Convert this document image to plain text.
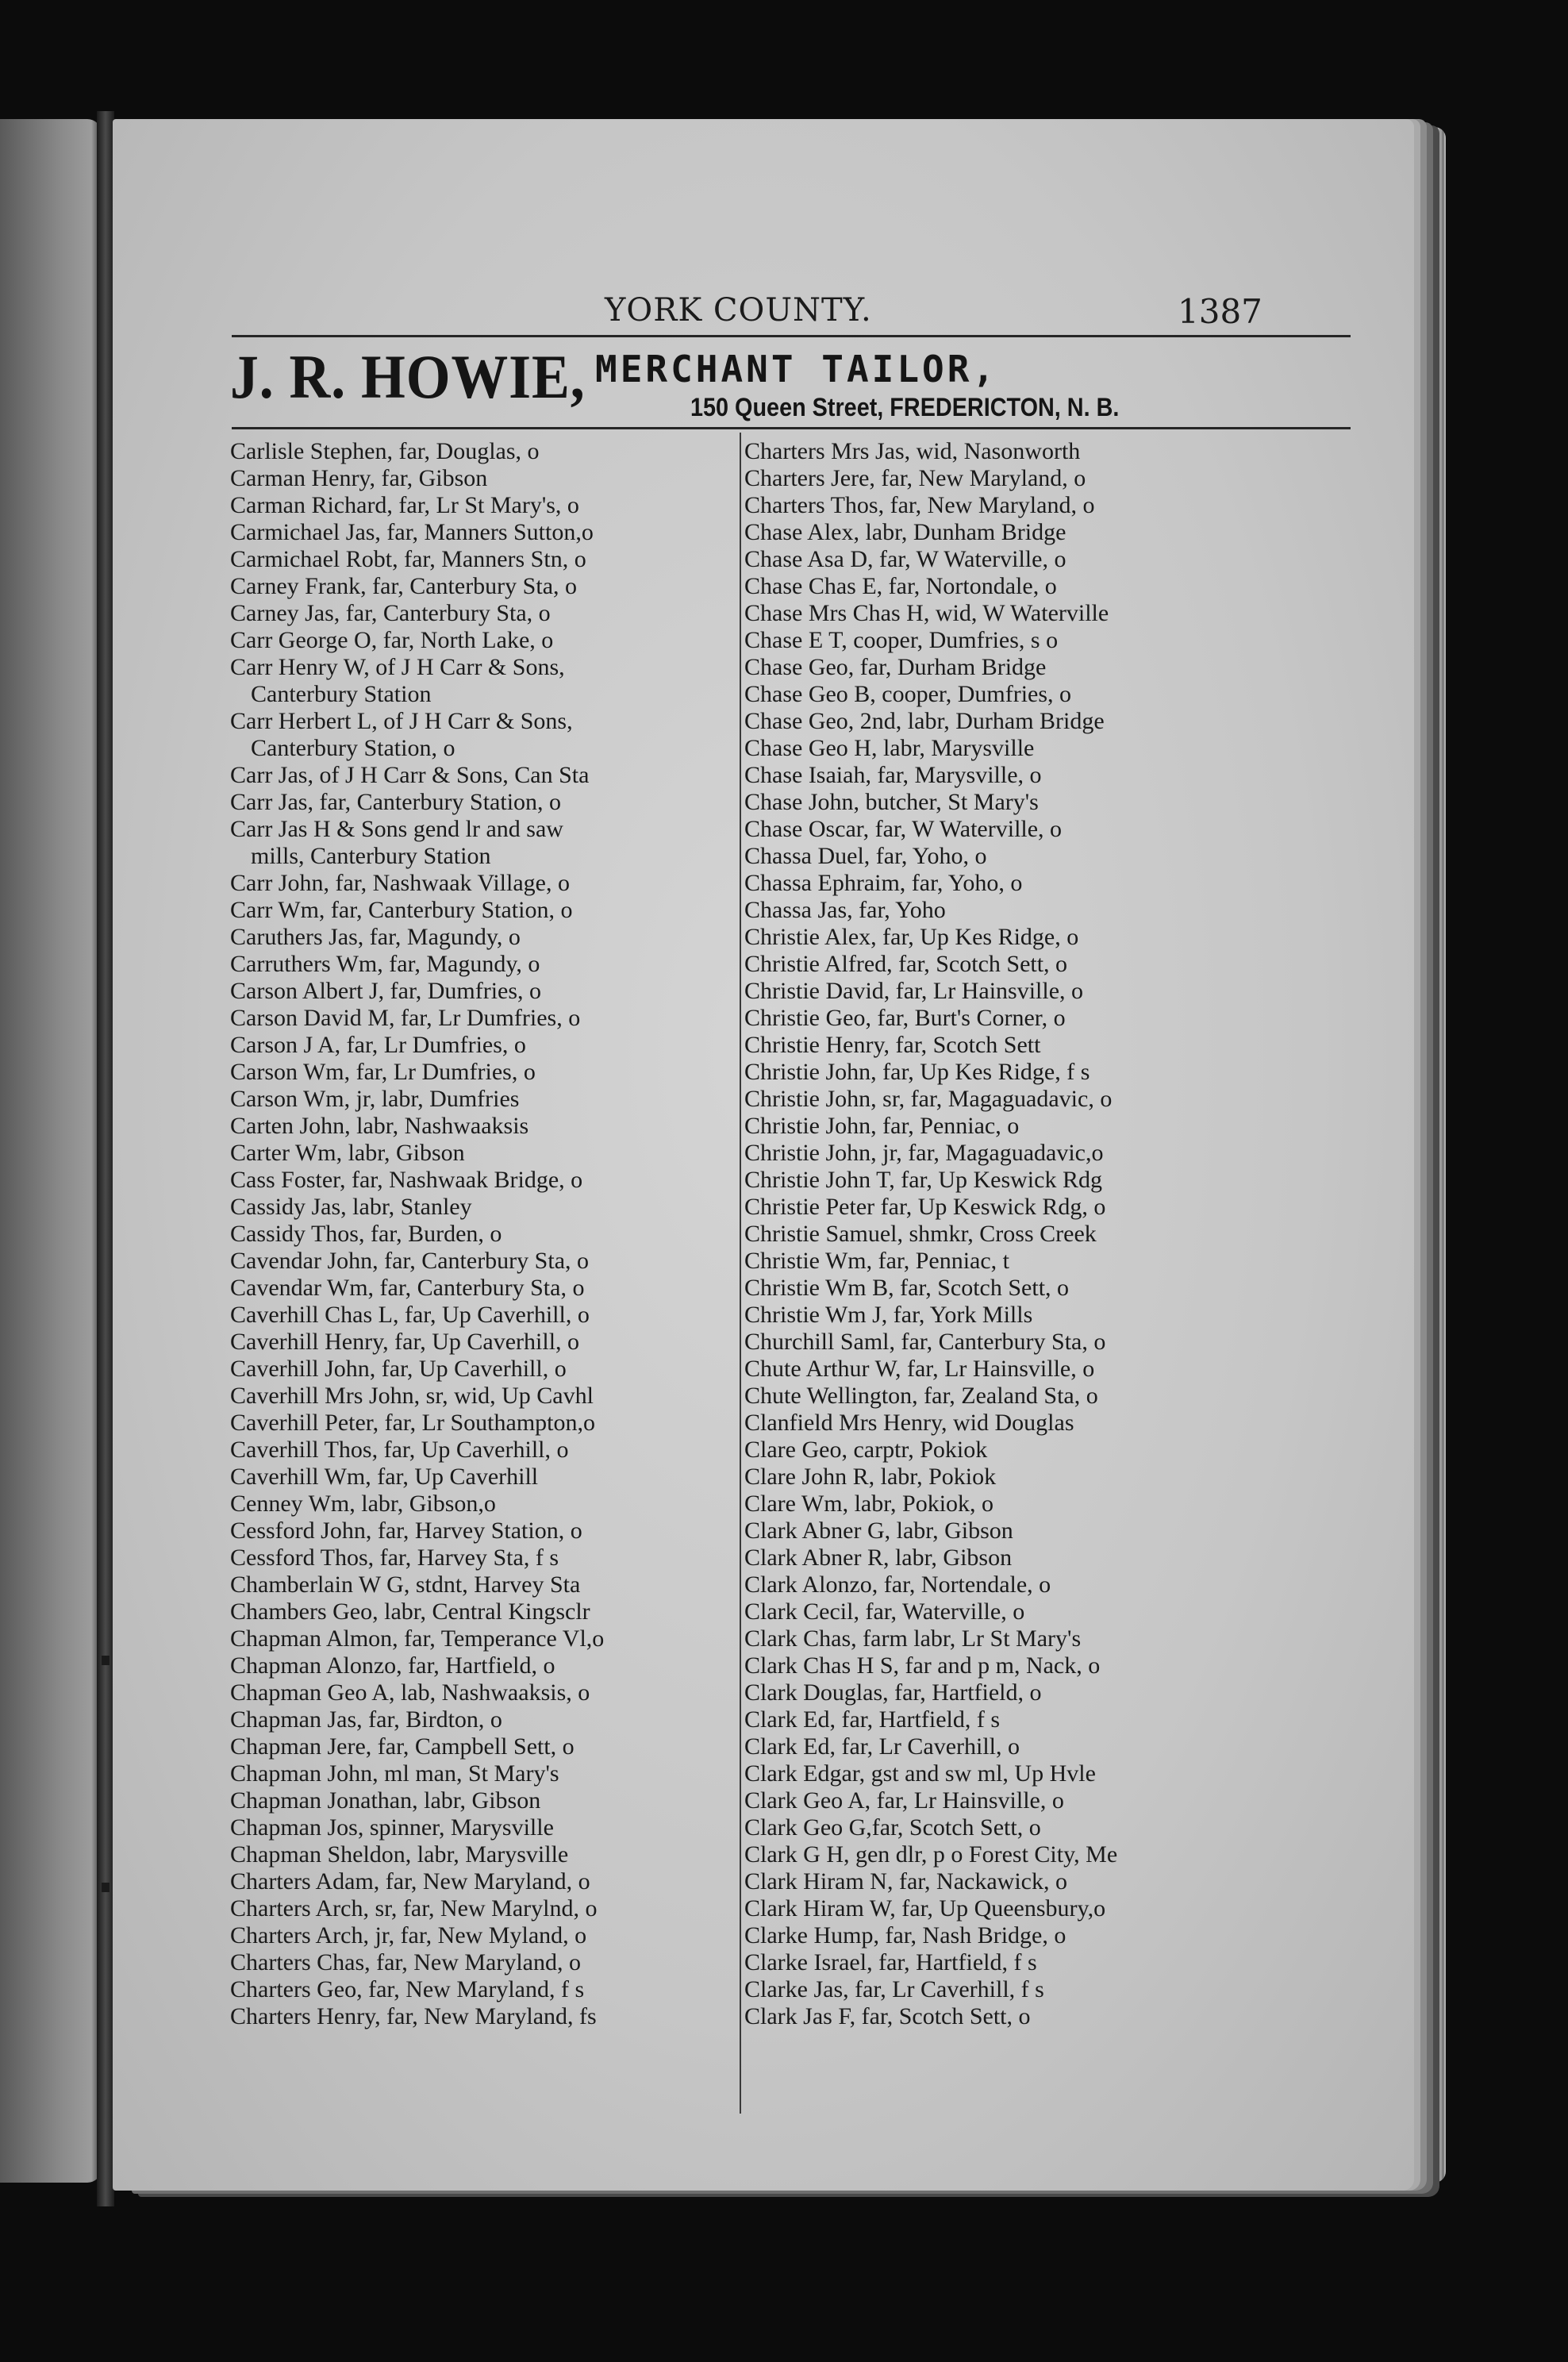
YORK COUNTY.	1387
J. R. HOWIE, MERCHANT TAILOR,
150 Queen Street, FREDERICTON, N. B.
Carlisle Stephen, far, Douglas, o
Carman Henry, far, Gibson
Carman Richard, far, Lr St Mary's, o
Carmichael Jas, far, Manners Sutton,o
Carmichael Robt, far, Manners Stn, o
Carney Frank, far, Canterbury Sta, o
Carney Jas, far, Canterbury Sta, o
Carr George O, far, North Lake, o
Carr Henry W, of J H Carr & Sons,
Canterbury Station
Carr Herbert L, of J H Carr & Sons,
Canterbury Station, o
Carr Jas, of J H Carr & Sons, Can Sta
Carr Jas, far, Canterbury Station, o
Carr Jas H & Sons gend lr and saw
mills, Canterbury Station
Carr John, far, Nashwaak Village, o
Carr Wm, far, Canterbury Station, o
Caruthers Jas, far, Magundy, o
Carruthers Wm, far, Magundy, o
Carson Albert J, far, Dumfries, o
Carson David M, far, Lr Dumfries, o
Carson J A, far, Lr Dumfries, o
Carson Wm, far, Lr Dumfries, o
Carson Wm, jr, labr, Dumfries
Carten John, labr, Nashwaaksis
Carter Wm, labr, Gibson
Cass Foster, far, Nashwaak Bridge, o
Cassidy Jas, labr, Stanley
Cassidy Thos, far, Burden, o
Cavendar John, far, Canterbury Sta, o
Cavendar Wm, far, Canterbury Sta, o
Caverhill Chas L, far, Up Caverhill, o
Caverhill Henry, far, Up Caverhill, o
Caverhill John, far, Up Caverhill, o
Caverhill Mrs John, sr, wid, Up Cavhl
Caverhill Peter, far, Lr Southampton,o
Caverhill Thos, far, Up Caverhill, o
Caverhill Wm, far, Up Caverhill
Cenney Wm, labr, Gibson,o
Cessford John, far, Harvey Station, o
Cessford Thos, far, Harvey Sta, f s
Chamberlain W G, stdnt, Harvey Sta
Chambers Geo, labr, Central Kingsclr
Chapman Almon, far, Temperance Vl,o
Chapman Alonzo, far, Hartfield, o
Chapman Geo A, lab, Nashwaaksis, o
Chapman Jas, far, Birdton, o
Chapman Jere, far, Campbell Sett, o
Chapman John, ml man, St Mary's
Chapman Jonathan, labr, Gibson
Chapman Jos, spinner, Marysville
Chapman Sheldon, labr, Marysville
Charters Adam, far, New Maryland, o
Charters Arch, sr, far, New Marylnd, o
Charters Arch, jr, far, New Myland, o
Charters Chas, far, New Maryland, o
Charters Geo, far, New Maryland, f s
Charters Henry, far, New Maryland, fs
Charters Mrs Jas, wid, Nasonworth
Charters Jere, far, New Maryland, o
Charters Thos, far, New Maryland, o
Chase Alex, labr, Dunham Bridge
Chase Asa D, far, W Waterville, o
Chase Chas E, far, Nortondale, o
Chase Mrs Chas H, wid, W Waterville
Chase E T, cooper, Dumfries, s o
Chase Geo, far, Durham Bridge
Chase Geo B, cooper, Dumfries, o
Chase Geo, 2nd, labr, Durham Bridge
Chase Geo H, labr, Marysville
Chase Isaiah, far, Marysville, o
Chase John, butcher, St Mary's
Chase Oscar, far, W Waterville, o
Chassa Duel, far, Yoho, o
Chassa Ephraim, far, Yoho, o
Chassa Jas, far, Yoho
Christie Alex, far, Up Kes Ridge, o
Christie Alfred, far, Scotch Sett, o
Christie David, far, Lr Hainsville, o
Christie Geo, far, Burt's Corner, o
Christie Henry, far, Scotch Sett
Christie John, far, Up Kes Ridge, f s
Christie John, sr, far, Magaguadavic, o
Christie John, far, Penniac, o
Christie John, jr, far, Magaguadavic,o
Christie John T, far, Up Keswick Rdg
Christie Peter far, Up Keswick Rdg, o
Christie Samuel, shmkr, Cross Creek
Christie Wm, far, Penniac, t
Christie Wm B, far, Scotch Sett, o
Christie Wm J, far, York Mills
Churchill Saml, far, Canterbury Sta, o
Chute Arthur W, far, Lr Hainsville, o
Chute Wellington, far, Zealand Sta, o
Clanfield Mrs Henry, wid Douglas
Clare Geo, carptr, Pokiok
Clare John R, labr, Pokiok
Clare Wm, labr, Pokiok, o
Clark Abner G, labr, Gibson
Clark Abner R, labr, Gibson
Clark Alonzo, far, Nortendale, o
Clark Cecil, far, Waterville, o
Clark Chas, farm labr, Lr St Mary's
Clark Chas H S, far and p m, Nack, o
Clark Douglas, far, Hartfield, o
Clark Ed, far, Hartfield, f s
Clark Ed, far, Lr Caverhill, o
Clark Edgar, gst and sw ml, Up Hvle
Clark Geo A, far, Lr Hainsville, o
Clark Geo G,far, Scotch Sett, o
Clark G H, gen dlr, p o Forest City, Me
Clark Hiram N, far, Nackawick, o
Clark Hiram W, far, Up Queensbury,o
Clarke Hump, far, Nash Bridge, o
Clarke Israel, far, Hartfield, f s
Clarke Jas, far, Lr Caverhill, f s
Clark Jas F, far, Scotch Sett, o
